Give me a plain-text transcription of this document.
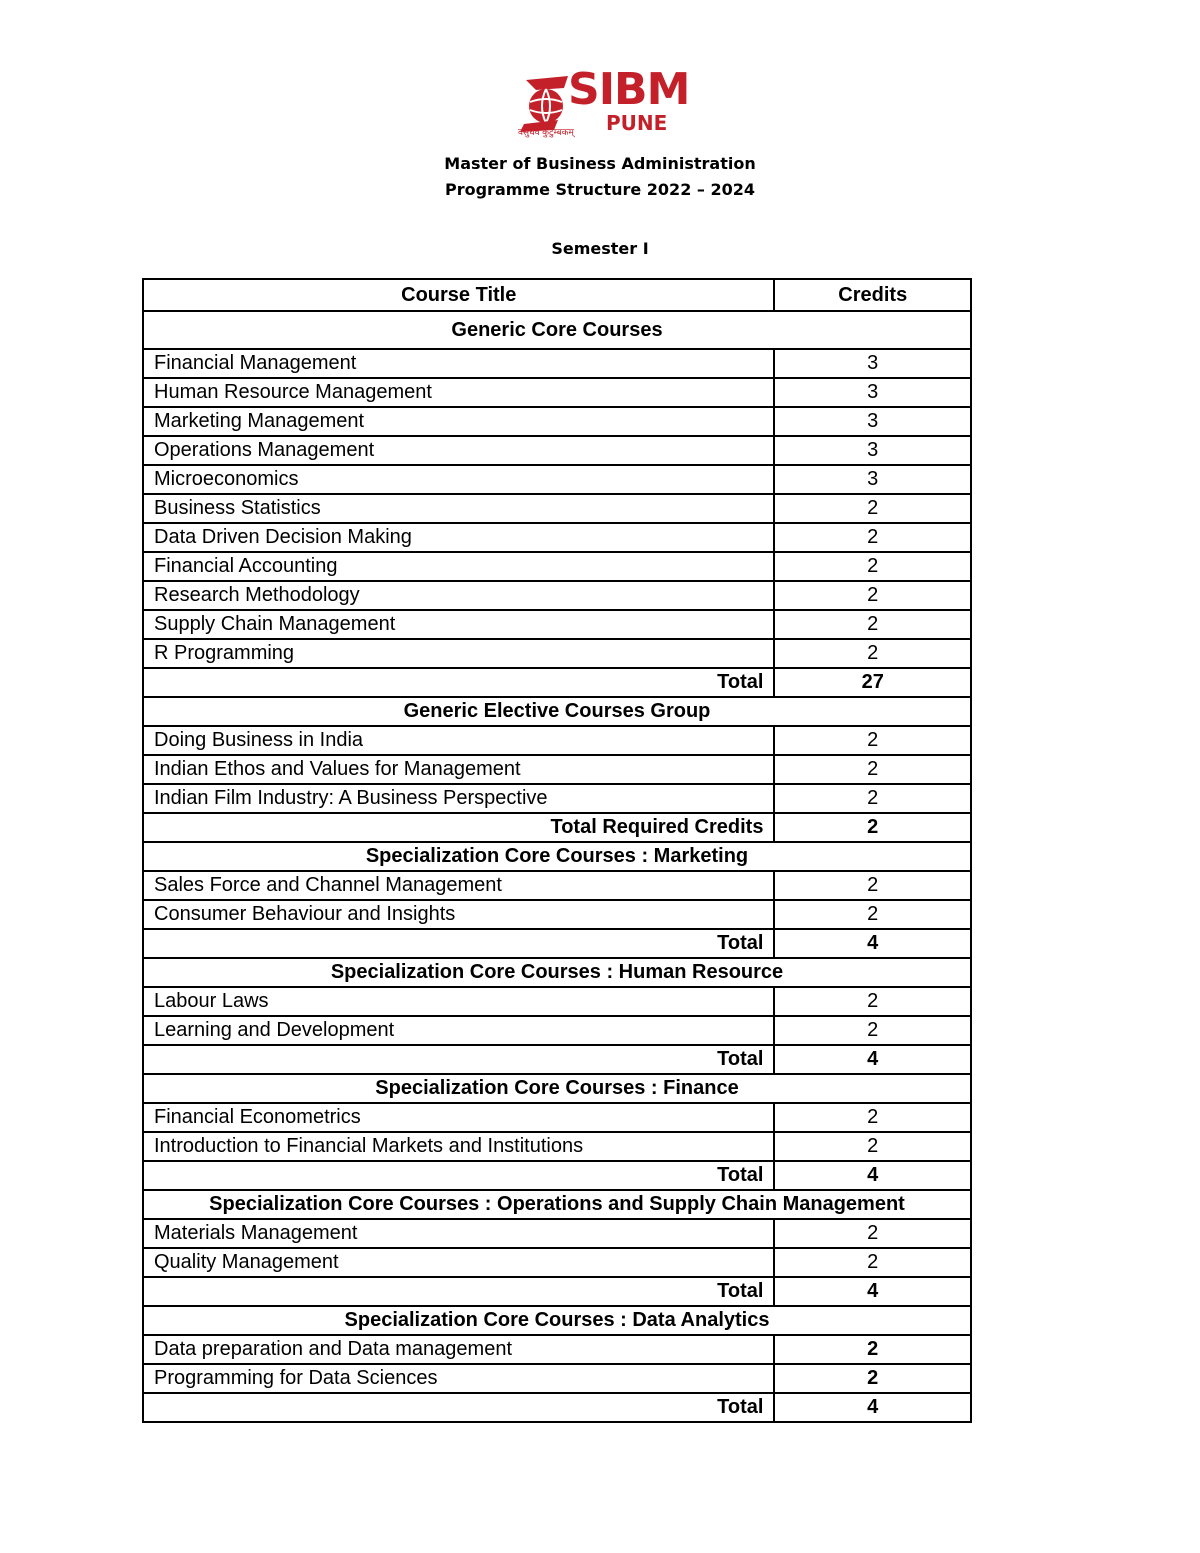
SIBM
PUNE
वसुधैव कुटुम्बकम्
Master of Business Administration
Programme Structure 2022 – 2024
Semester I
Course Title	Credits
Generic Core Courses	
Financial Management	3
Human Resource Management	3
Marketing Management	3
Operations Management	3
Microeconomics	3
Business Statistics	2
Data Driven Decision Making	2
Financial Accounting	2
Research Methodology	2
Supply Chain Management	2
R Programming	2
Total	27
Generic Elective Courses Group	
Doing Business in India	2
Indian Ethos and Values for Management	2
Indian Film Industry: A Business Perspective	2
Total Required Credits	2
Specialization Core Courses : Marketing	
Sales Force and Channel Management	2
Consumer Behaviour and Insights	2
Total	4
Specialization Core Courses : Human Resource	
Labour Laws	2
Learning and Development	2
Total	4
Specialization Core Courses : Finance	
Financial Econometrics	2
Introduction to Financial Markets and Institutions	2
Total	4
Specialization Core Courses : Operations and Supply Chain Management	
Materials Management	2
Quality Management	2
Total	4
Specialization Core Courses : Data Analytics	
Data preparation and Data management	2
Programming for Data Sciences	2
Total	4
